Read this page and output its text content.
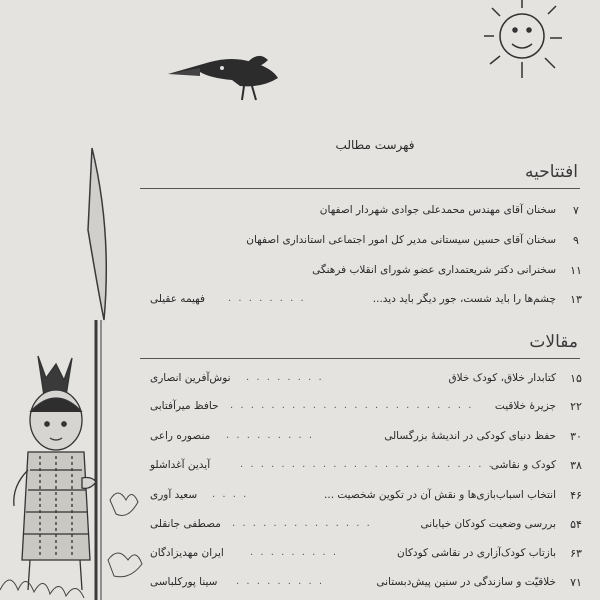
فهرست مطالب
افتتاحیه
۷
سخنان آقای مهندس محمدعلی جوادی شهردار اصفهان
۹
سخنان آقای حسین سیستانی مدیر کل امور اجتماعی استانداری اصفهان
۱۱
سخنرانی دکتر شریعتمداری عضو شورای انقلاب فرهنگی
۱۳
چشم‌ها را باید شست، جور دیگر باید دید...
. . . . . . . .
فهیمه عقیلی
مقالات
۱۵
کتابدار خلاق، کودک خلاق
. . . . . . . .
نوش‌آفرین انصاری
۲۲
جزیرهٔ خلاقیت
. . . . . . . . . . . . . . . . . . . . . . . .
حافظ میرآفتابی
۳۰
حفظ دنیای کودکی در اندیشهٔ بزرگسالی
. . . . . . . . .
منصوره راعی
۳۸
کودک و نقاشی
. . . . . . . . . . . . . . . . . . . . . . . . .
آیدین آغداشلو
۴۶
انتخاب اسباب‌بازی‌ها و نقش آن در تکوین شخصیت ...
. . . .
سعید آوری
۵۴
بررسی وضعیت کودکان خیابانی
. . . . . . . . . . . . . .
مصطفی جانقلی
۶۳
بازتاب کودک‌آزاری در نقاشی کودکان
. . . . . . . . .
ایران مهدیزادگان
۷۱
خلاقیّت و سازندگی در سنین پیش‌دبستانی
. . . . . . . . .
سینا پورکلباسی
